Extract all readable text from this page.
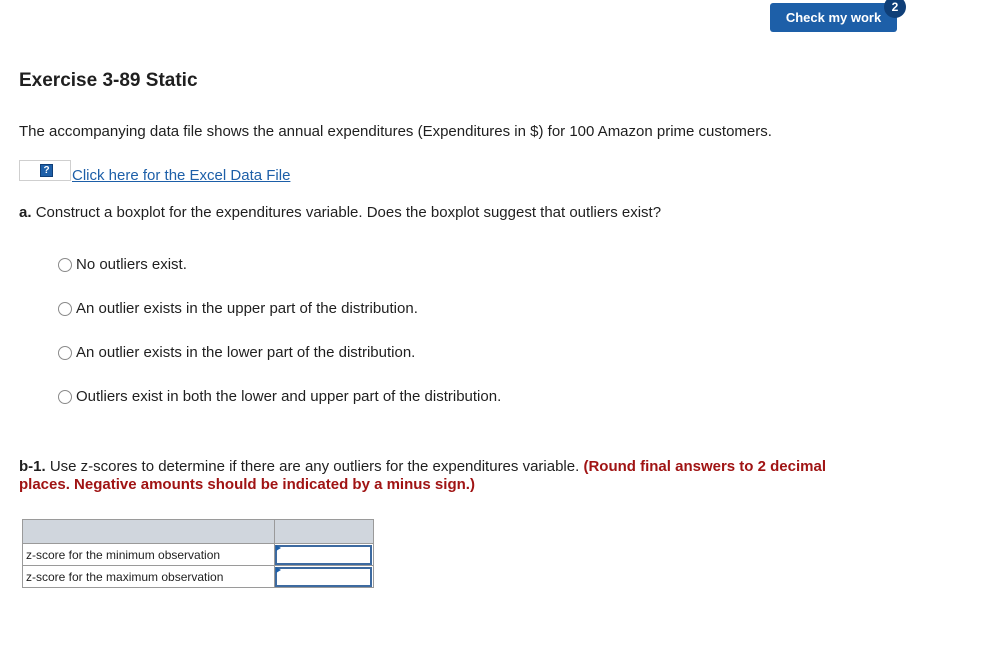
Check my work
2
Exercise 3-89 Static

The accompanying data file shows the annual expenditures (Expenditures in $) for 100 Amazon prime customers.

? Click here for the Excel Data File

a. Construct a boxplot for the expenditures variable. Does the boxplot suggest that outliers exist?

No outliers exist.
An outlier exists in the upper part of the distribution.
An outlier exists in the lower part of the distribution.
Outliers exist in both the lower and upper part of the distribution.

b-1. Use z-scores to determine if there are any outliers for the expenditures variable. (Round final answers to 2 decimal places. Negative amounts should be indicated by a minus sign.)

z-score for the minimum observation	

z-score for the maximum observation	
